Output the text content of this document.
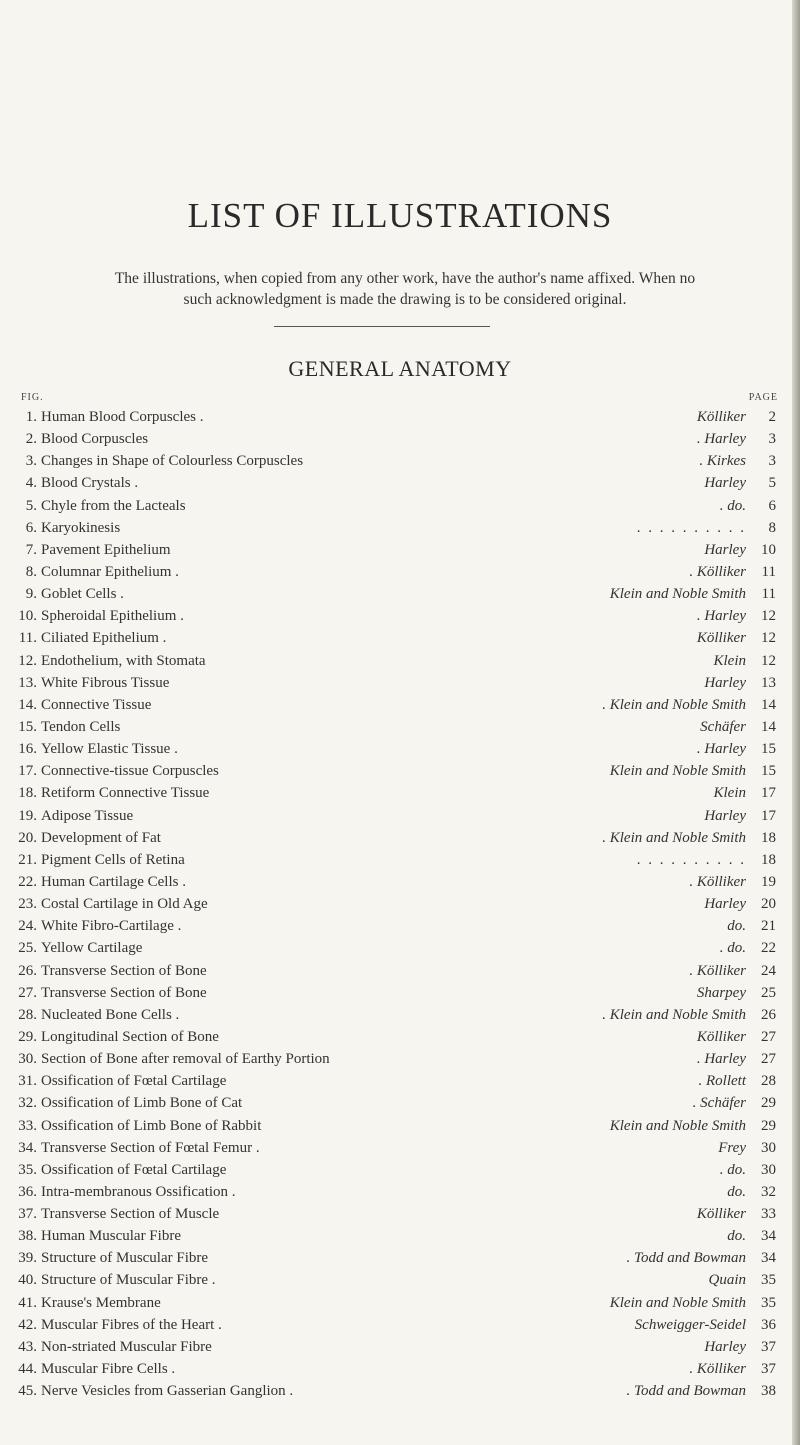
LIST OF ILLUSTRATIONS
The illustrations, when copied from any other work, have the author's name affixed. When no
such acknowledgment is made the drawing is to be considered original.
GENERAL ANATOMY
FIG.	PAGE
1. Human Blood Corpuscles .	Kölliker	2
2. Blood Corpuscles	. Harley	3
3. Changes in Shape of Colourless Corpuscles	. Kirkes	3
4. Blood Crystals .	Harley	5
5. Chyle from the Lacteals	. do.	6
6. Karyokinesis	. . . . . . . . . .	8
7. Pavement Epithelium	Harley	10
8. Columnar Epithelium .	. Kölliker	11
9. Goblet Cells .	Klein and Noble Smith	11
10. Spheroidal Epithelium .	. Harley	12
11. Ciliated Epithelium .	Kölliker	12
12. Endothelium, with Stomata	Klein	12
13. White Fibrous Tissue	Harley	13
14. Connective Tissue	. Klein and Noble Smith	14
15. Tendon Cells	Schäfer	14
16. Yellow Elastic Tissue .	. Harley	15
17. Connective-tissue Corpuscles	Klein and Noble Smith	15
18. Retiform Connective Tissue	Klein	17
19. Adipose Tissue	Harley	17
20. Development of Fat	. Klein and Noble Smith	18
21. Pigment Cells of Retina	. . . . . . . . . .	18
22. Human Cartilage Cells .	. Kölliker	19
23. Costal Cartilage in Old Age	Harley	20
24. White Fibro-Cartilage .	do.	21
25. Yellow Cartilage	. do.	22
26. Transverse Section of Bone	. Kölliker	24
27. Transverse Section of Bone	Sharpey	25
28. Nucleated Bone Cells .	. Klein and Noble Smith	26
29. Longitudinal Section of Bone	Kölliker	27
30. Section of Bone after removal of Earthy Portion	. Harley	27
31. Ossification of Fœtal Cartilage	. Rollett	28
32. Ossification of Limb Bone of Cat	. Schäfer	29
33. Ossification of Limb Bone of Rabbit	Klein and Noble Smith	29
34. Transverse Section of Fœtal Femur .	Frey	30
35. Ossification of Fœtal Cartilage	. do.	30
36. Intra-membranous Ossification .	do.	32
37. Transverse Section of Muscle	Kölliker	33
38. Human Muscular Fibre	do.	34
39. Structure of Muscular Fibre	. Todd and Bowman	34
40. Structure of Muscular Fibre .	Quain	35
41. Krause's Membrane	Klein and Noble Smith	35
42. Muscular Fibres of the Heart .	Schweigger-Seidel	36
43. Non-striated Muscular Fibre	Harley	37
44. Muscular Fibre Cells .	. Kölliker	37
45. Nerve Vesicles from Gasserian Ganglion .	. Todd and Bowman	38
